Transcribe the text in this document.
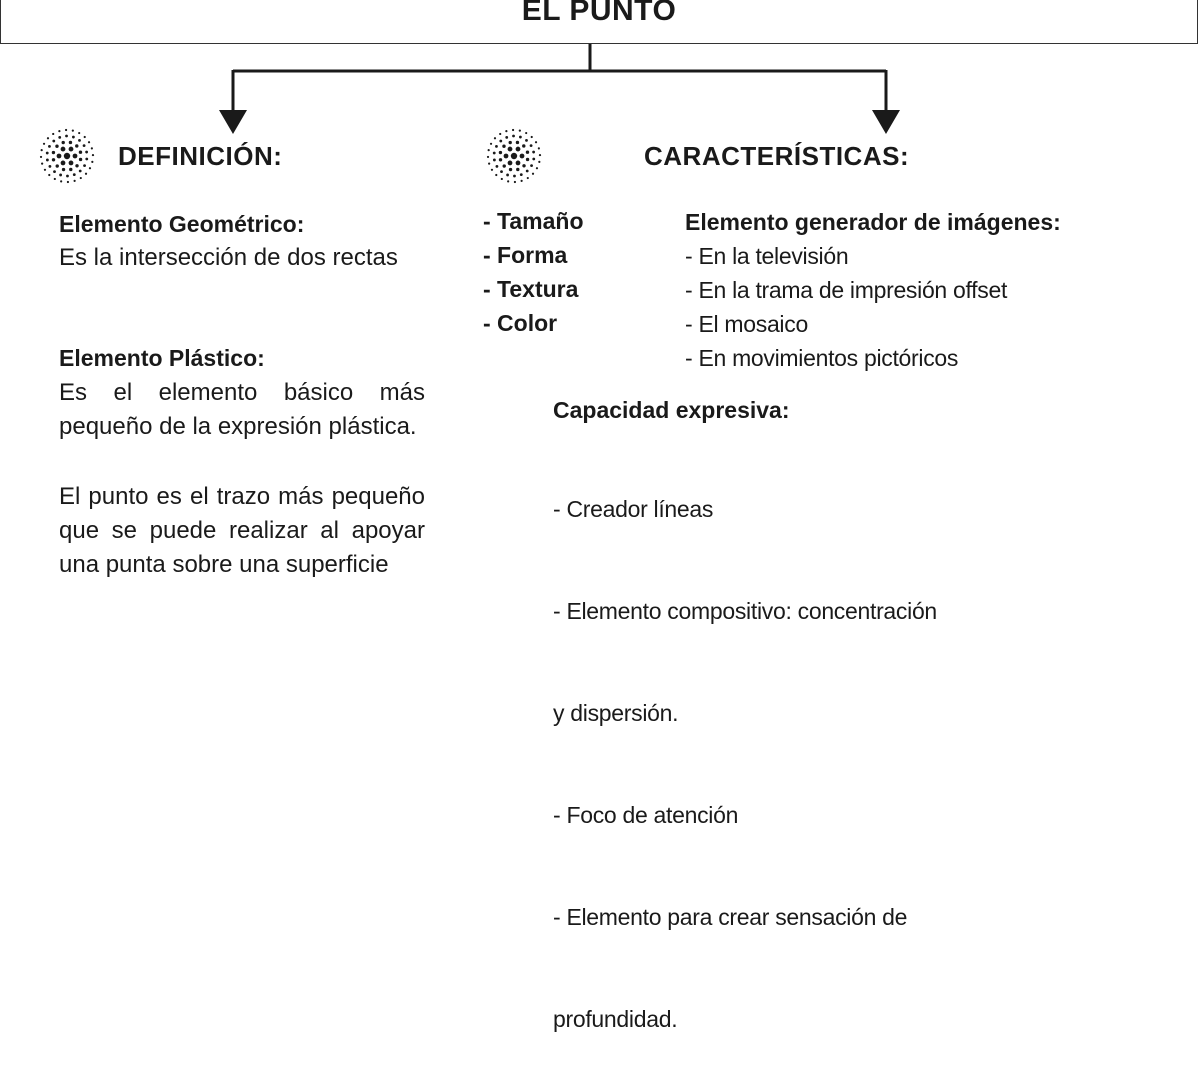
EL PUNTO
DEFINICIÓN:
Elemento Geométrico:
Es la intersección de dos rectas
Elemento Plástico:
Es el elemento básico más pequeño de la expresión plástica.
El punto es el trazo más pequeño que se puede realizar al apoyar una punta sobre una superficie
CARACTERÍSTICAS:
- Tamaño
- Forma
- Textura
- Color
Elemento generador de imágenes:
- En la televisión
- En la trama de impresión offset
- El mosaico
- En movimientos pictóricos
Capacidad expresiva:

- Creador líneas

- Elemento compositivo: concentración

y dispersión.

- Foco de atención

- Elemento para crear sensación de

profundidad.
